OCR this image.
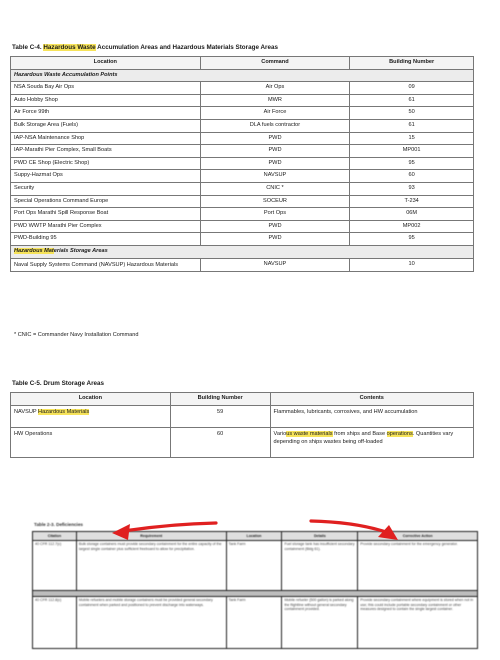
Table C-4. Hazardous Waste Accumulation Areas and Hazardous Materials Storage Areas
Location	Command	Building Number
Hazardous Waste Accumulation Points		
NSA Souda Bay Air Ops	Air Ops	09
Auto Hobby Shop	MWR	61
Air Force 99th	Air Force	50
Bulk Storage Area (Fuels)	DLA fuels contractor	61
IAP-NSA Maintenance Shop	PWD	15
IAP-Marathi Pier Complex, Small Boats	PWD	MP001
PWD CE Shop (Electric Shop)	PWD	95
Suppy-Hazmat Ops	NAVSUP	60
Security	CNIC *	93
Special Operations Command Europe	SOCEUR	T-234
Port Ops Marathi Spill Response Boat	Port Ops	06M
PWD WWTP Marathi Pier Complex	PWD	MP002
PWD-Building 95	PWD	95
Hazardous Materials Storage Areas		
Naval Supply Systems Command (NAVSUP) Hazardous Materials	NAVSUP	10
* CNIC = Commander Navy Installation Command
Table C-5. Drum Storage Areas
Location	Building Number	Contents
NAVSUP Hazardous Materials	59	Flammables, lubricants, corrosives, and HW accumulation
HW Operations	60	Various waste materials from ships and Base operations. Quantities vary depending on ships wastes being off-loaded
Table 2-3. Deficiencies
Citation	Requirement	Location	Details	Corrective Action
40 CFR 112.7(c)	Bulk storage containers must provide secondary containment for the entire capacity of the largest single container plus sufficient freeboard to allow for precipitation.	Tank Farm	Fuel storage tank has insufficient secondary containment (Bldg 61).	Provide secondary containment for the emergency generator.

40 CFR 112.8(c)	Mobile refuelers and mobile storage containers must be provided general secondary containment when parked and positioned to prevent discharge into waterways.	Tank Farm	Mobile refueler (500 gallon) is parked along the flightline without general secondary containment provided.	Provide secondary containment where equipment is stored when not in use; this could include portable secondary containment or other measures designed to contain the single largest container.
